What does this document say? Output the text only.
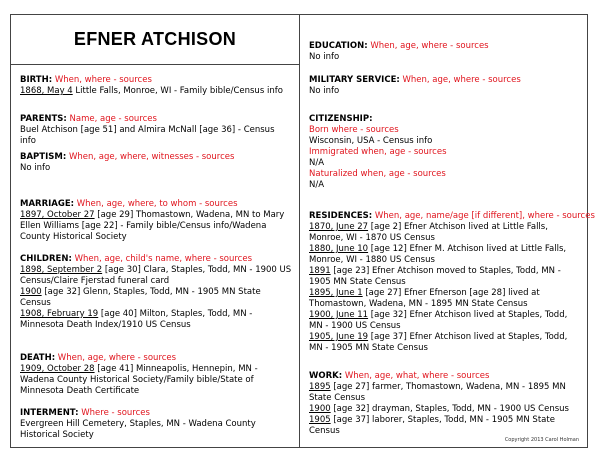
EFNER ATCHISON
BIRTH: When, where - sources
1868, May 4 Little Falls, Monroe, WI - Family bible/Census info
PARENTS: Name, age - sources
Buel Atchison [age 51] and Almira McNall [age 36] - Census info
BAPTISM: When, age, where, witnesses - sources
No info
MARRIAGE: When, age, where, to whom - sources
1897, October 27 [age 29] Thomastown, Wadena, MN to Mary Ellen Williams [age 22] - Family bible/Census info/Wadena County Historical Society
CHILDREN: When, age, child's name, where - sources
1898, September 2 [age 30] Clara, Staples, Todd, MN - 1900 US Census/Claire Fjerstad funeral card
1900 [age 32] Glenn, Staples, Todd, MN - 1905 MN State Census
1908, February 19 [age 40] Milton, Staples, Todd, MN - Minnesota Death Index/1910 US Census
DEATH: When, age, where - sources
1909, October 28 [age 41] Minneapolis, Hennepin, MN - Wadena County Historical Society/Family bible/State of Minnesota Death Certificate
INTERMENT: Where - sources
Evergreen Hill Cemetery, Staples, MN - Wadena County Historical Society
EDUCATION: When, age, where - sources
No info
MILITARY SERVICE: When, age, where - sources
No info
CITIZENSHIP:
Born where - sources
Wisconsin, USA - Census info
Immigrated when, age - sources
N/A
Naturalized when, age - sources
N/A
RESIDENCES: When, age, name/age [if different], where - sources
1870, June 27 [age 2] Efner Atchison lived at Little Falls, Monroe, WI - 1870 US Census
1880, June 10 [age 12] Efner M. Atchison lived at Little Falls, Monroe, WI - 1880 US Census
1891 [age 23] Efner Atchison moved to Staples, Todd, MN - 1905 MN State Census
1895, June 1 [age 27] Efner Efnerson [age 28] lived at Thomastown, Wadena, MN - 1895 MN State Census
1900, June 11 [age 32] Efner Atchison lived at Staples, Todd, MN - 1900 US Census
1905, June 19 [age 37] Efner Atchison lived at Staples, Todd, MN - 1905 MN State Census
WORK: When, age, what, where - sources
1895 [age 27] farmer, Thomastown, Wadena, MN - 1895 MN State Census
1900 [age 32] drayman, Staples, Todd, MN - 1900 US Census
1905 [age 37] laborer, Staples, Todd, MN - 1905 MN State Census
Copyright 2013 Carol Holman
